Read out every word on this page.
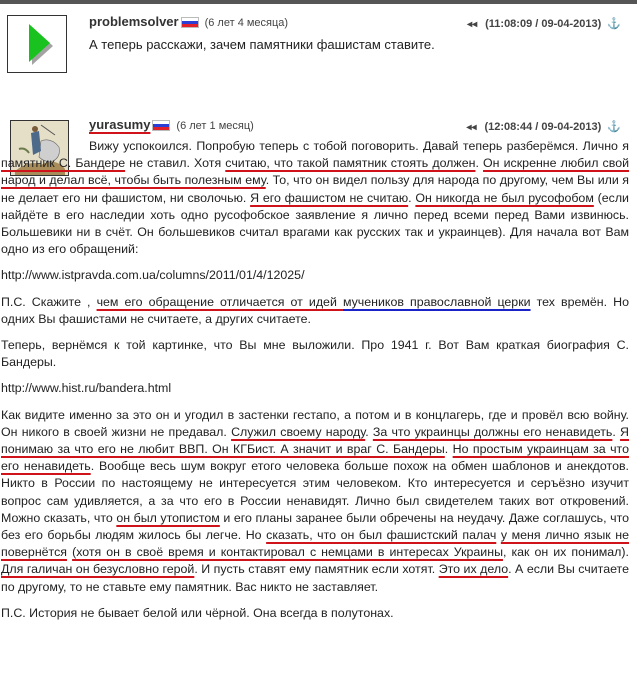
problemsolver (6 лет 4 месяца)	◂◂ (11:08:09 / 09-04-2013) ⚓
А теперь расскажи, зачем памятники фашистам ставите.
yurasumy (6 лет 1 месяц)	◂◂ (12:08:44 / 09-04-2013) ⚓

Вижу успокоился. Попробую теперь с тобой поговорить. Давай теперь разберёмся. Лично я памятник С. Бандере не ставил. Хотя считаю, что такой памятник стоять должен. Он искренне любил свой народ и делал всё, чтобы быть полезным ему. То, что он видел пользу для народа по другому, чем Вы или я не делает его ни фашистом, ни сволочью. Я его фашистом не считаю. Он никогда не был русофобом (если найдёте в его наследии хоть одно русофобское заявление я лично перед всеми перед Вами извинюсь. Большевики ни в счёт. Он большевиков считал врагами как русских так и украинцев). Для начала вот Вам одно из его обращений:

http://www.istpravda.com.ua/columns/2011/01/4/12025/

П.С. Скажите , чем его обращение отличается от идей мучеников православной церки тех времён. Но одних Вы фашистами не считаете, а других считаете.

Теперь, вернёмся к той картинке, что Вы мне выложили. Про 1941 г. Вот Вам краткая биография С. Бандеры.

http://www.hist.ru/bandera.html

Как видите именно за это он и угодил в застенки гестапо, а потом и в концлагерь, где и провёл всю войну. Он никого в своей жизни не предавал. Служил своему народу. За что украинцы должны его ненавидеть. Я понимаю за что его не любит ВВП. Он КГБист. А значит и враг С. Бандеры. Но простым украинцам за что его ненавидеть. Вообще весь шум вокруг етого человека больше похож на обмен шаблонов и анекдотов. Никто в России по настоящему не интересуется этим человеком. Кто интересуется и серъёзно изучит вопрос сам удивляется, а за что его в России ненавидят. Лично был свидетелем таких вот откровений. Можно сказать, что он был утопистом и его планы заранее были обречены на неудачу. Даже соглашусь, что без его борьбы людям жилось бы легче. Но сказать, что он был фашистский палач у меня лично язык не повернётся (хотя он в своё время и контактировал с немцами в интересах Украины, как он их понимал). Для галичан он безусловно герой. И пусть ставят ему памятник если хотят. Это их дело. А если Вы считаете по другому, то не ставьте ему памятник. Вас никто не заставляет.

П.С. История не бывает белой или чёрной. Она всегда в полутонах.
